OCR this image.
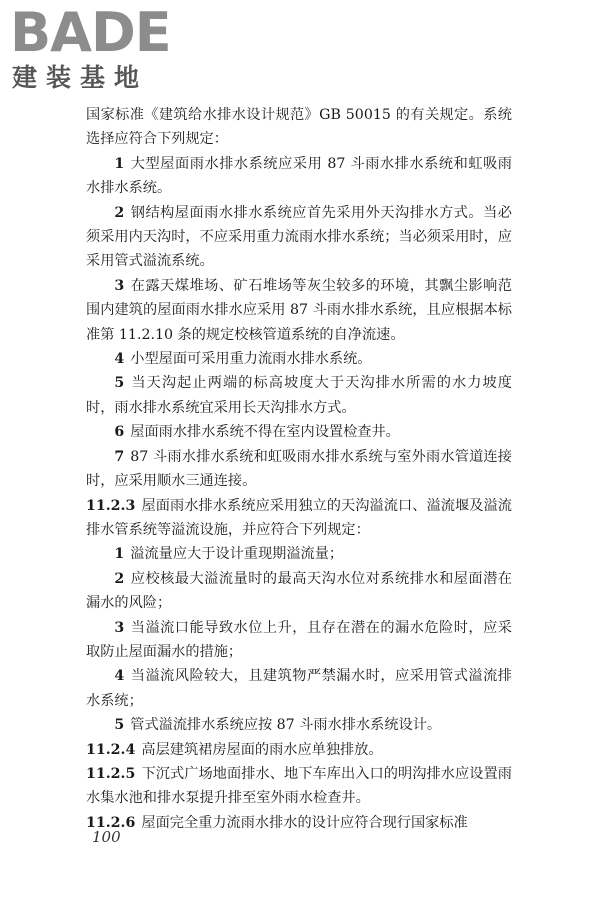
BADE
建装基地

国家标准《建筑给水排水设计规范》GB 50015 的有关规定。系统选择应符合下列规定：

1 大型屋面雨水排水系统应采用 87 斗雨水排水系统和虹吸雨水排水系统。

2 钢结构屋面雨水排水系统应首先采用外天沟排水方式。当必须采用内天沟时，不应采用重力流雨水排水系统；当必须采用时，应采用管式溢流系统。

3 在露天煤堆场、矿石堆场等灰尘较多的环境，其飘尘影响范围内建筑的屋面雨水排水应采用 87 斗雨水排水系统，且应根据本标准第 11.2.10 条的规定校核管道系统的自净流速。

4 小型屋面可采用重力流雨水排水系统。

5 当天沟起止两端的标高坡度大于天沟排水所需的水力坡度时，雨水排水系统宜采用长天沟排水方式。

6 屋面雨水排水系统不得在室内设置检查井。

7 87 斗雨水排水系统和虹吸雨水排水系统与室外雨水管道连接时，应采用顺水三通连接。

11.2.3 屋面雨水排水系统应采用独立的天沟溢流口、溢流堰及溢流排水管系统等溢流设施，并应符合下列规定：

1 溢流量应大于设计重现期溢流量；

2 应校核最大溢流量时的最高天沟水位对系统排水和屋面潜在漏水的风险；

3 当溢流口能导致水位上升，且存在潜在的漏水危险时，应采取防止屋面漏水的措施；

4 当溢流风险较大，且建筑物严禁漏水时，应采用管式溢流排水系统；

5 管式溢流排水系统应按 87 斗雨水排水系统设计。

11.2.4 高层建筑裙房屋面的雨水应单独排放。

11.2.5 下沉式广场地面排水、地下车库出入口的明沟排水应设置雨水集水池和排水泵提升排至室外雨水检查井。

11.2.6 屋面完全重力流雨水排水的设计应符合现行国家标准

100
